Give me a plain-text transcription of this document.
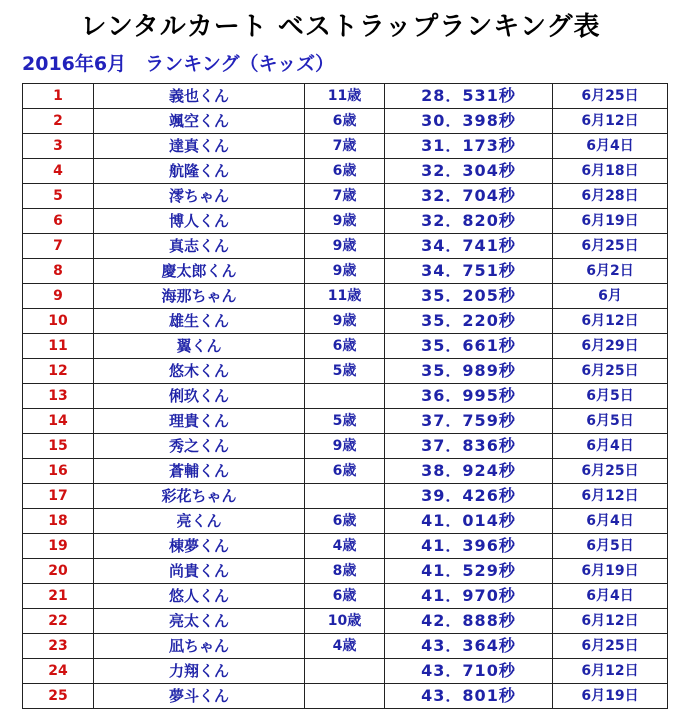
レンタルカート ベストラップランキング表
2016年6月　ランキング（キッズ）
1	義也くん	11歳	28．531秒	6月25日
2	颯空くん	6歳	30．398秒	6月12日
3	達真くん	7歳	31．173秒	6月4日
4	航隆くん	6歳	32．304秒	6月18日
5	澪ちゃん	7歳	32．704秒	6月28日
6	博人くん	9歳	32．820秒	6月19日
7	真志くん	9歳	34．741秒	6月25日
8	慶太郎くん	9歳	34．751秒	6月2日
9	海那ちゃん	11歳	35．205秒	6月
10	雄生くん	9歳	35．220秒	6月12日
11	翼くん	6歳	35．661秒	6月29日
12	悠木くん	5歳	35．989秒	6月25日
13	俐玖くん		36．995秒	6月5日
14	理貴くん	5歳	37．759秒	6月5日
15	秀之くん	9歳	37．836秒	6月4日
16	蒼輔くん	6歳	38．924秒	6月25日
17	彩花ちゃん		39．426秒	6月12日
18	亮くん	6歳	41．014秒	6月4日
19	棟夢くん	4歳	41．396秒	6月5日
20	尚貴くん	8歳	41．529秒	6月19日
21	悠人くん	6歳	41．970秒	6月4日
22	亮太くん	10歳	42．888秒	6月12日
23	凪ちゃん	4歳	43．364秒	6月25日
24	力翔くん		43．710秒	6月12日
25	夢斗くん		43．801秒	6月19日
